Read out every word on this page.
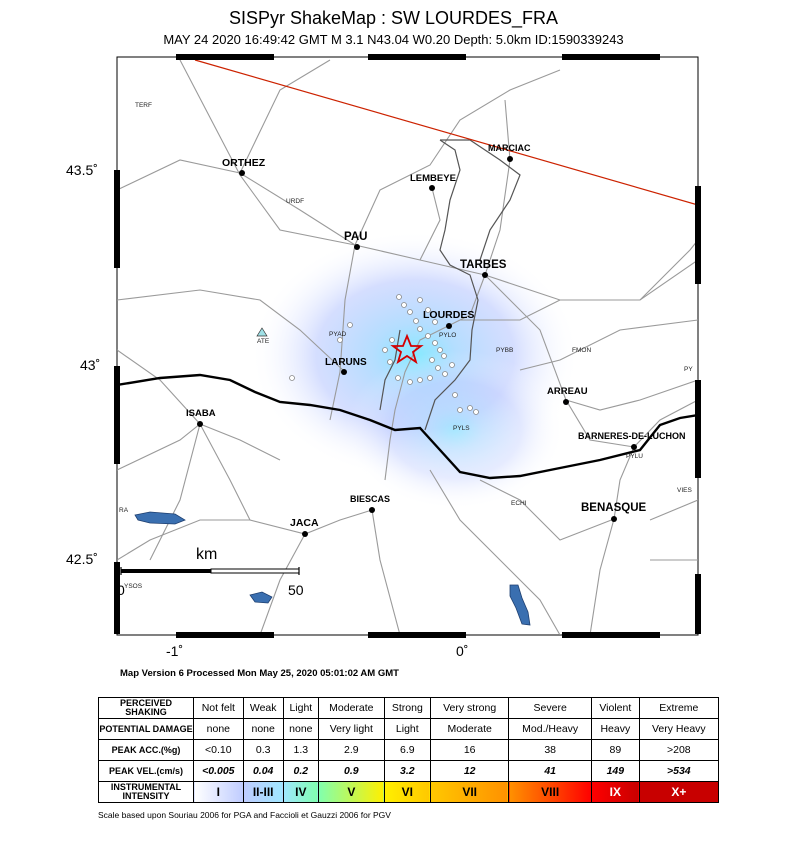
SISPyr ShakeMap : SW LOURDES_FRA
MAY 24 2020 16:49:42 GMT M 3.1 N43.04 W0.20 Depth: 5.0km ID:1590339243
ORTHEZ
LEMBEYE
MARCIAC
PAU
TARBES
LOURDES
LARUNS
ARREAU
ISABA
BARNERES-DE-LUCHON
BIESCAS
BENASQUE
JACA
TERF
URDF
ATE
PYAD	PYLO
PYBB	FMON
PYLS
PYLU
ECHI
VIES
PY
YSOS
RA
43.5˚
43˚
42.5˚
-1˚	0˚
km
0	50
Map Version 6 Processed Mon May 25, 2020 05:01:02 AM GMT
PERCEIVED SHAKING	Not felt	Weak	Light	Moderate	Strong	Very strong	Severe	Violent	Extreme
POTENTIAL DAMAGE	none	none	none	Very light	Light	Moderate	Mod./Heavy	Heavy	Very Heavy
PEAK ACC.(%g)	<0.10	0.3	1.3	2.9	6.9	16	38	89	>208
PEAK VEL.(cm/s)	<0.005	0.04	0.2	0.9	3.2	12	41	149	>534
INSTRUMENTAL INTENSITY	I	II-III	IV	V	VI	VII	VIII	IX	X+
Scale based upon Souriau 2006 for PGA and Faccioli et Gauzzi 2006 for PGV
